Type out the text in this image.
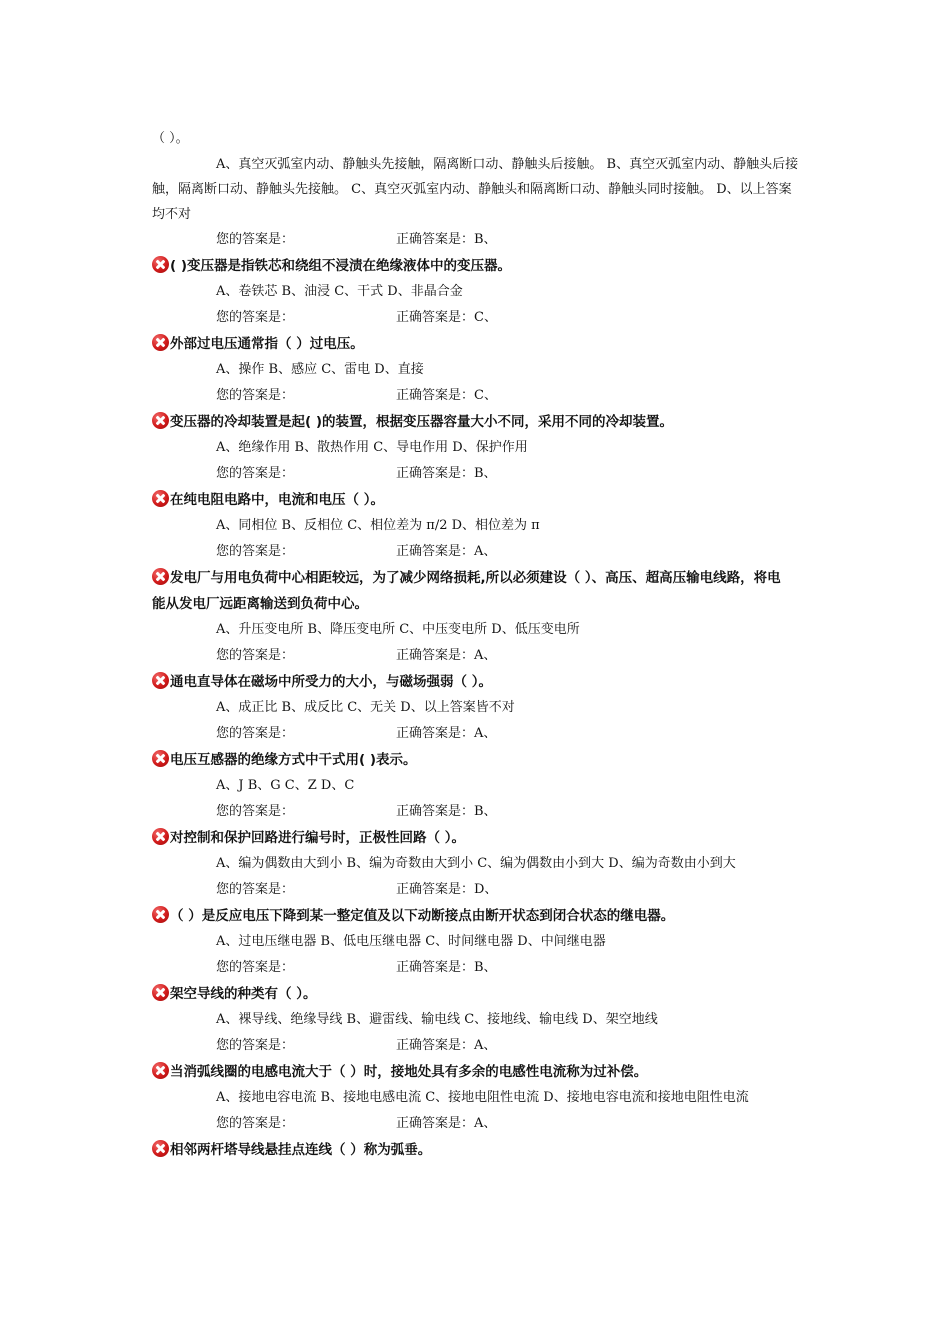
（ ）。
A、真空灭弧室内动、静触头先接触，隔离断口动、静触头后接触。 B、真空灭弧室内动、静触头后接触，隔离断口动、静触头先接触。 C、真空灭弧室内动、静触头和隔离断口动、静触头同时接触。 D、以上答案均不对
您的答案是：	正确答案是：B、
( )变压器是指铁芯和绕组不浸渍在绝缘液体中的变压器。
A、卷铁芯 B、油浸 C、干式 D、非晶合金
您的答案是：	正确答案是：C、
外部过电压通常指（ ）过电压。
A、操作 B、感应 C、雷电 D、直接
您的答案是：	正确答案是：C、
变压器的冷却装置是起( )的装置，根据变压器容量大小不同，采用不同的冷却装置。
A、绝缘作用 B、散热作用 C、导电作用 D、保护作用
您的答案是：	正确答案是：B、
在纯电阻电路中，电流和电压（ ）。
A、同相位 B、反相位 C、相位差为 π/2 D、相位差为 π
您的答案是：	正确答案是：A、
发电厂与用电负荷中心相距较远，为了减少网络损耗,所以必须建设（ ）、高压、超高压输电线路，将电能从发电厂远距离输送到负荷中心。
A、升压变电所 B、降压变电所 C、中压变电所 D、低压变电所
您的答案是：	正确答案是：A、
通电直导体在磁场中所受力的大小，与磁场强弱（ ）。
A、成正比 B、成反比 C、无关 D、以上答案皆不对
您的答案是：	正确答案是：A、
电压互感器的绝缘方式中干式用( )表示。
A、J B、G C、Z D、C
您的答案是：	正确答案是：B、
对控制和保护回路进行编号时，正极性回路（ ）。
A、编为偶数由大到小 B、编为奇数由大到小 C、编为偶数由小到大 D、编为奇数由小到大
您的答案是：	正确答案是：D、
（ ）是反应电压下降到某一整定值及以下动断接点由断开状态到闭合状态的继电器。
A、过电压继电器 B、低电压继电器 C、时间继电器 D、中间继电器
您的答案是：	正确答案是：B、
架空导线的种类有（ ）。
A、裸导线、绝缘导线 B、避雷线、输电线 C、接地线、输电线 D、架空地线
您的答案是：	正确答案是：A、
当消弧线圈的电感电流大于（ ）时，接地处具有多余的电感性电流称为过补偿。
A、接地电容电流 B、接地电感电流 C、接地电阻性电流 D、接地电容电流和接地电阻性电流
您的答案是：	正确答案是：A、
相邻两杆塔导线悬挂点连线（ ）称为弧垂。
